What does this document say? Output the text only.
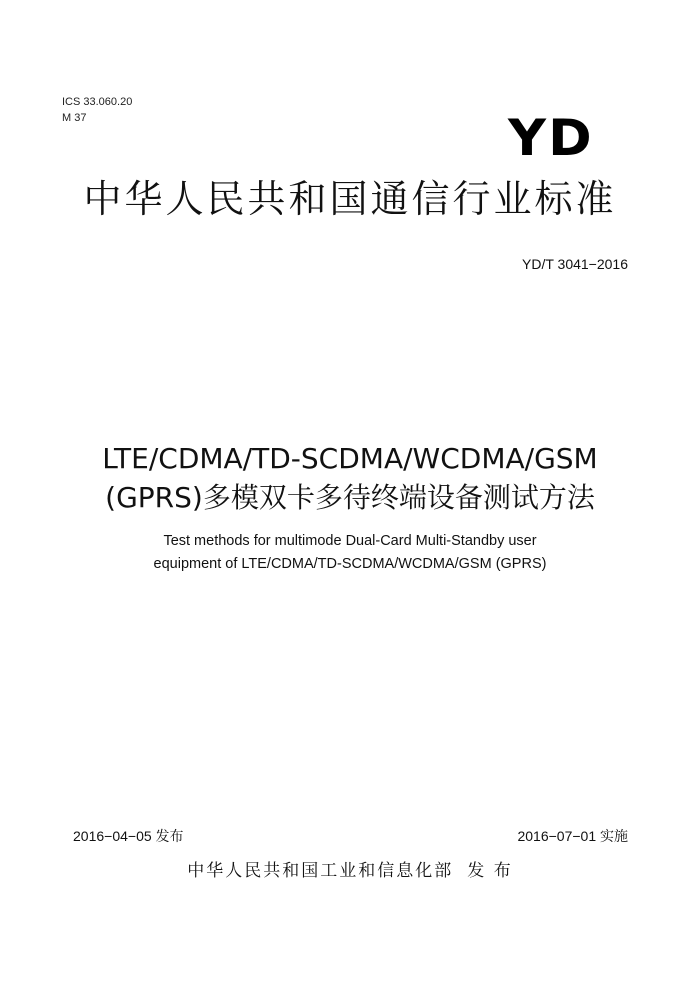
ICS 33.060.20
M 37	YD
中华人民共和国通信行业标准
YD/T 3041−2016
LTE/CDMA/TD-SCDMA/WCDMA/GSM
(GPRS)多模双卡多待终端设备测试方法
Test methods for multimode Dual-Card Multi-Standby user
equipment of LTE/CDMA/TD-SCDMA/WCDMA/GSM (GPRS)
2016−04−05 发布	2016−07−01 实施
中华人民共和国工业和信息化部 发 布
